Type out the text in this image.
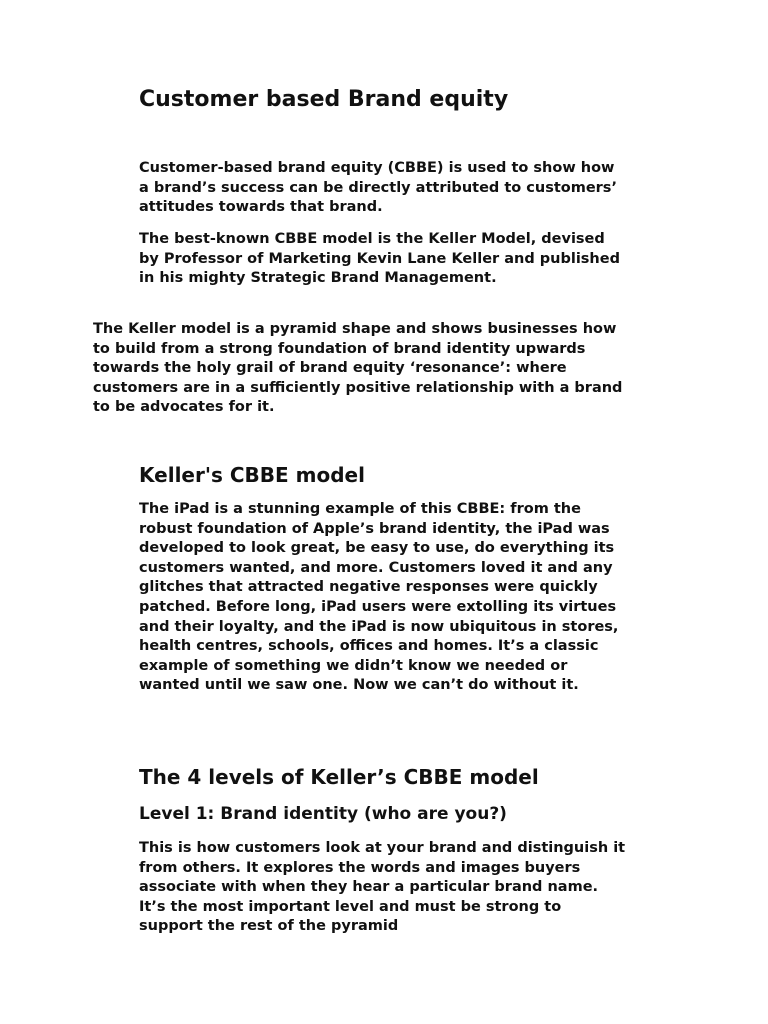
Customer based Brand equity

Customer-based brand equity (CBBE) is used to show how a brand’s success can be directly attributed to customers’ attitudes towards that brand.

The best-known CBBE model is the Keller Model, devised by Professor of Marketing Kevin Lane Keller and published in his mighty Strategic Brand Management.

The Keller model is a pyramid shape and shows businesses how to build from a strong foundation of brand identity upwards towards the holy grail of brand equity ‘resonance’: where customers are in a sufficiently positive relationship with a brand to be advocates for it.

Keller's CBBE model

The iPad is a stunning example of this CBBE: from the robust foundation of Apple’s brand identity, the iPad was developed to look great, be easy to use, do everything its customers wanted, and more. Customers loved it and any glitches that attracted negative responses were quickly patched. Before long, iPad users were extolling its virtues and their loyalty, and the iPad is now ubiquitous in stores, health centres, schools, offices and homes. It’s a classic example of something we didn’t know we needed or wanted until we saw one. Now we can’t do without it.

The 4 levels of Keller’s CBBE model
Level 1: Brand identity (who are you?)

This is how customers look at your brand and distinguish it from others. It explores the words and images buyers associate with when they hear a particular brand name. It’s the most important level and must be strong to support the rest of the pyramid
